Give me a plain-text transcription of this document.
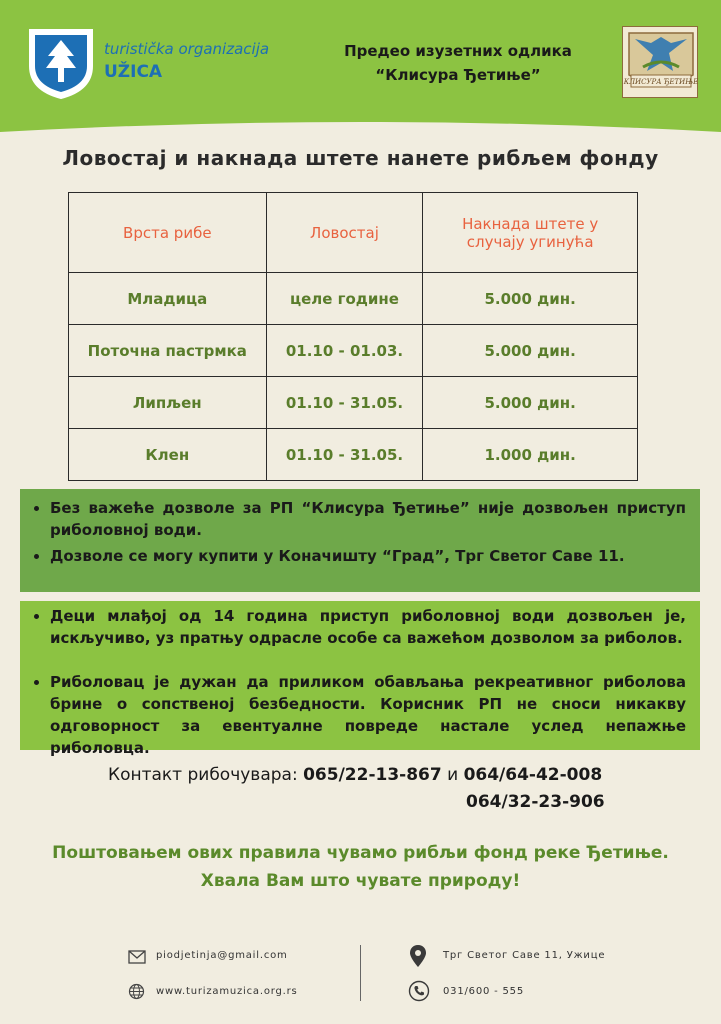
turistička organizacija
UŽICA
Предео изузетних одлика
“Клисура Ђетиње”	КЛИСУРА ЂЕТИЊЕ
Ловостај и накнада штете нанете рибљем фонду
Врста рибе	Ловостај	Накнада штете у случају угинућа
Младица	целе године	5.000 дин.
Поточна пастрмка	01.10 - 01.03.	5.000 дин.
Липљен	01.10 - 31.05.	5.000 дин.
Клен	01.10 - 31.05.	1.000 дин.
• Без важеће дозволе за РП “Клисура Ђетиње” није дозвољен приступ риболовној води.
• Дозволе се могу купити у Коначишту “Град”, Трг Светог Саве 11.
• Деци млађој од 14 година приступ риболовној води дозвољен је, искључиво, уз пратњу одрасле особе са важећом дозволом за риболов.
• Риболовац је дужан да приликом обављања рекреативног риболова брине о сопственој безбедности. Корисник РП не сноси никакву одговорност за евентуалне повреде настале услед непажње риболовца.
Контакт рибочувара: 065/22-13-867 и 064/64-42-008
064/32-23-906
Поштовањем ових правила чувамо рибљи фонд реке Ђетиње.
Хвала Вам што чувате природу!
piodjetinja@gmail.com
www.turizamuzica.org.rs
Трг Светог Саве 11, Ужице
031/600 - 555
